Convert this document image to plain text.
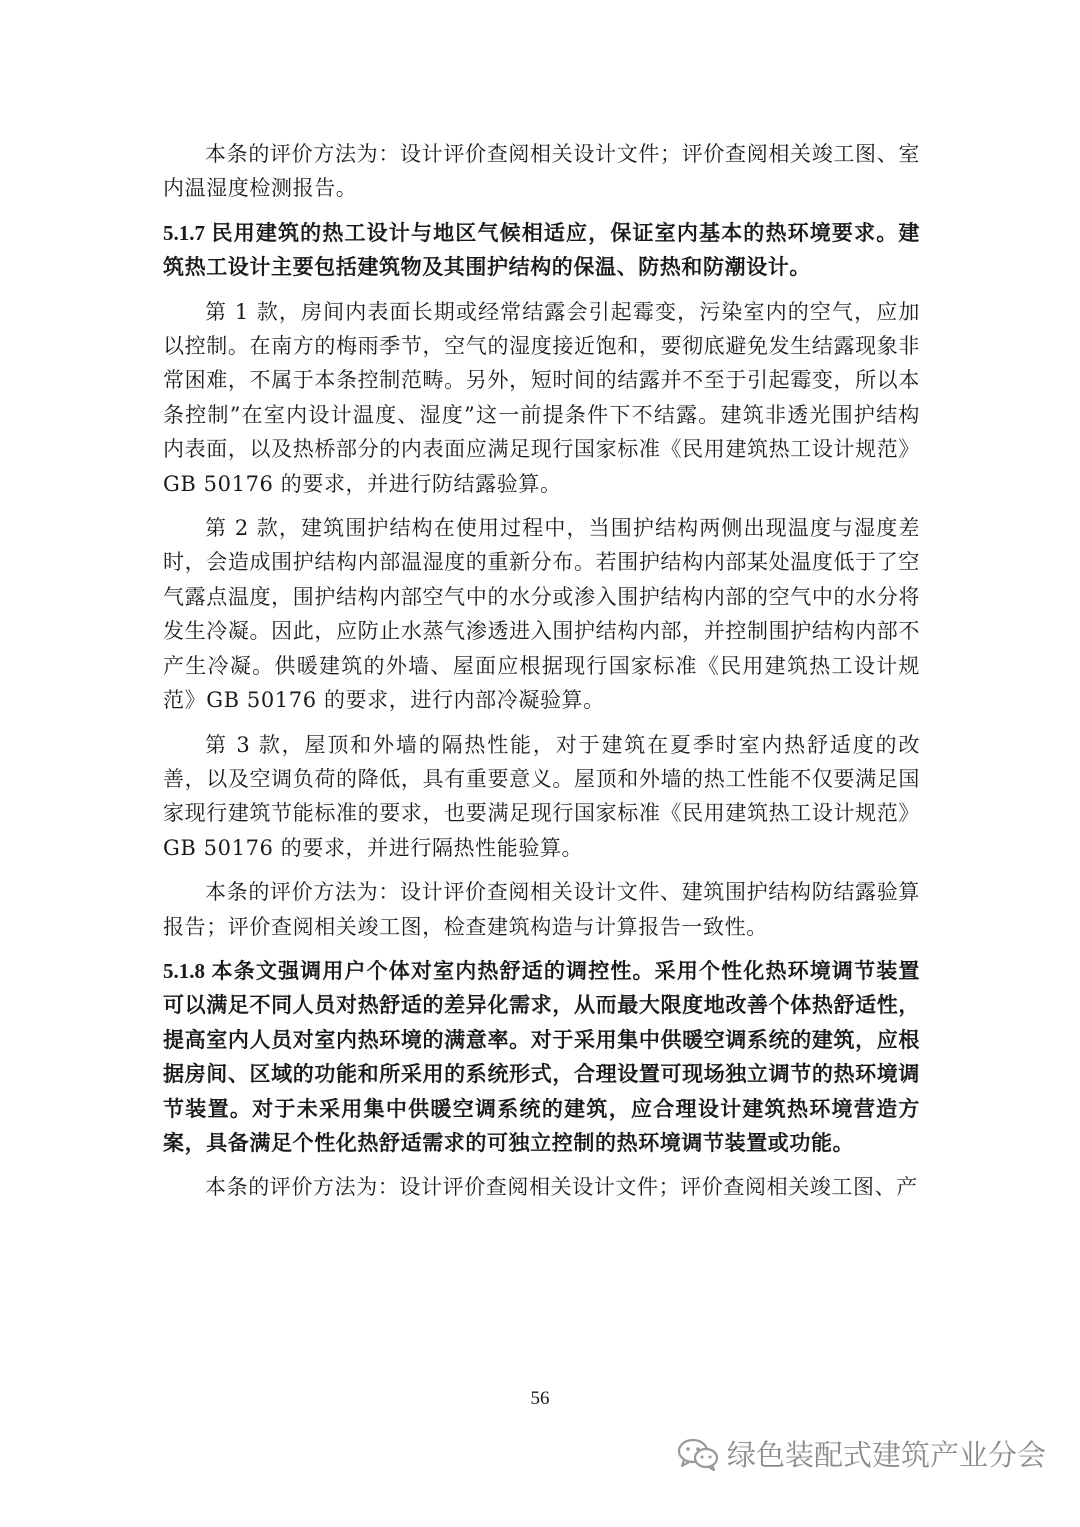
本条的评价方法为：设计评价查阅相关设计文件；评价查阅相关竣工图、室内温湿度检测报告。

5.1.7 民用建筑的热工设计与地区气候相适应，保证室内基本的热环境要求。建筑热工设计主要包括建筑物及其围护结构的保温、防热和防潮设计。

第 1 款，房间内表面长期或经常结露会引起霉变，污染室内的空气，应加以控制。在南方的梅雨季节，空气的湿度接近饱和，要彻底避免发生结露现象非常困难，不属于本条控制范畴。另外，短时间的结露并不至于引起霉变，所以本条控制”在室内设计温度、湿度”这一前提条件下不结露。建筑非透光围护结构内表面，以及热桥部分的内表面应满足现行国家标准《民用建筑热工设计规范》GB 50176 的要求，并进行防结露验算。

第 2 款，建筑围护结构在使用过程中，当围护结构两侧出现温度与湿度差时，会造成围护结构内部温湿度的重新分布。若围护结构内部某处温度低于了空气露点温度，围护结构内部空气中的水分或渗入围护结构内部的空气中的水分将发生冷凝。因此，应防止水蒸气渗透进入围护结构内部，并控制围护结构内部不产生冷凝。供暖建筑的外墙、屋面应根据现行国家标准《民用建筑热工设计规范》GB 50176 的要求，进行内部冷凝验算。

第 3 款，屋顶和外墙的隔热性能，对于建筑在夏季时室内热舒适度的改善，以及空调负荷的降低，具有重要意义。屋顶和外墙的热工性能不仅要满足国家现行建筑节能标准的要求，也要满足现行国家标准《民用建筑热工设计规范》GB 50176 的要求，并进行隔热性能验算。

本条的评价方法为：设计评价查阅相关设计文件、建筑围护结构防结露验算报告；评价查阅相关竣工图，检查建筑构造与计算报告一致性。

5.1.8 本条文强调用户个体对室内热舒适的调控性。采用个性化热环境调节装置可以满足不同人员对热舒适的差异化需求，从而最大限度地改善个体热舒适性，提高室内人员对室内热环境的满意率。对于采用集中供暖空调系统的建筑，应根据房间、区域的功能和所采用的系统形式，合理设置可现场独立调节的热环境调节装置。对于未采用集中供暖空调系统的建筑，应合理设计建筑热环境营造方案，具备满足个性化热舒适需求的可独立控制的热环境调节装置或功能。

本条的评价方法为：设计评价查阅相关设计文件；评价查阅相关竣工图、产

56
绿色装配式建筑产业分会
